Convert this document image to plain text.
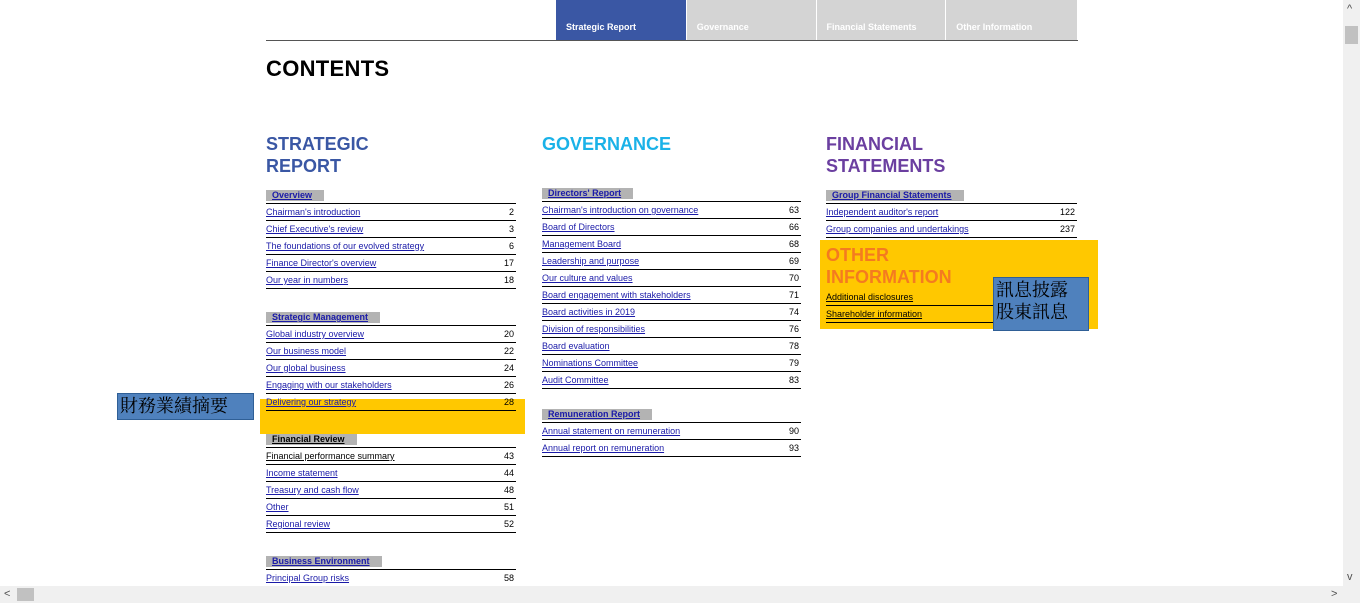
Strategic Report	Governance	Financial Statements	Other Information
CONTENTS
STRATEGIC
REPORT
Overview
Chairman's introduction	2
Chief Executive's review	3
The foundations of our evolved strategy	6
Finance Director's overview	17
Our year in numbers	18
Strategic Management
Global industry overview	20
Our business model	22
Our global business	24
Engaging with our stakeholders	26
Delivering our strategy	28
Financial Review
Financial performance summary	43
Income statement	44
Treasury and cash flow	48
Other	51
Regional review	52
Business Environment
Principal Group risks	58
GOVERNANCE
Directors' Report
Chairman's introduction on governance	63
Board of Directors	66
Management Board	68
Leadership and purpose	69
Our culture and values	70
Board engagement with stakeholders	71
Board activities in 2019	74
Division of responsibilities	76
Board evaluation	78
Nominations Committee	79
Audit Committee	83
Remuneration Report
Annual statement on remuneration	90
Annual report on remuneration	93
FINANCIAL
STATEMENTS
Group Financial Statements
Independent auditor's report	122
Group companies and undertakings	237
OTHER
INFORMATION
Additional disclosures
Shareholder information
財務業績摘要
訊息披露
股東訊息
^
v
<	>
